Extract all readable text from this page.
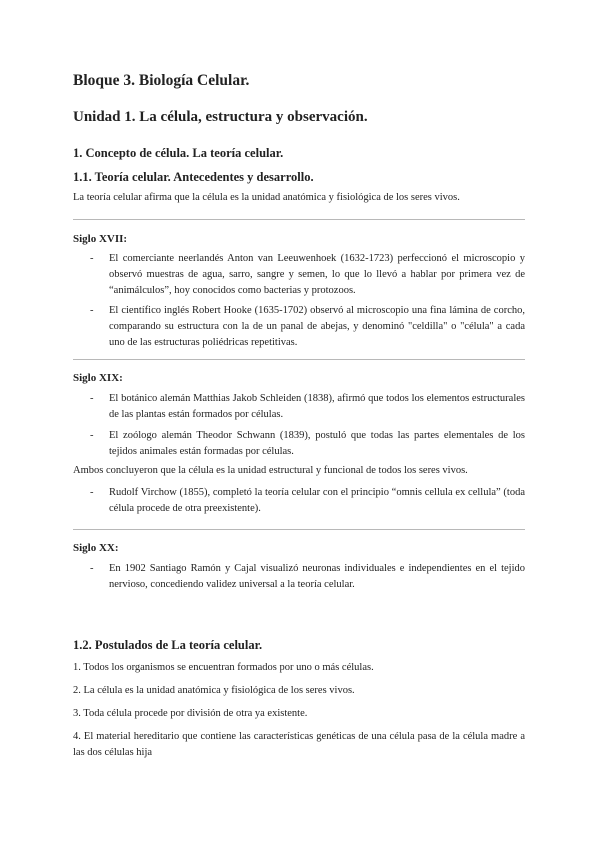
Bloque 3. Biología Celular.
Unidad 1. La célula, estructura y observación.
1. Concepto de célula. La teoría celular.
1.1. Teoría celular. Antecedentes y desarrollo.
La teoría celular afirma que la célula es la unidad anatómica y fisiológica de los seres vivos.
Siglo XVII:
- El comerciante neerlandés Anton van Leeuwenhoek (1632-1723) perfeccionó el microscopio y observó muestras de agua, sarro, sangre y semen, lo que lo llevó a hablar por primera vez de “animálculos”, hoy conocidos como bacterias y protozoos.
- El científico inglés Robert Hooke (1635-1702) observó al microscopio una fina lámina de corcho, comparando su estructura con la de un panal de abejas, y denominó "celdilla" o "célula" a cada uno de las estructuras poliédricas repetitivas.
Siglo XIX:
- El botánico alemán Matthias Jakob Schleiden (1838), afirmó que todos los elementos estructurales de las plantas están formados por células.
- El zoólogo alemán Theodor Schwann (1839), postuló que todas las partes elementales de los tejidos animales están formadas por células.
Ambos concluyeron que la célula es la unidad estructural y funcional de todos los seres vivos.
- Rudolf Virchow (1855), completó la teoría celular con el principio “omnis cellula ex cellula” (toda célula procede de otra preexistente).
Siglo XX:
- En 1902 Santiago Ramón y Cajal visualizó neuronas individuales e independientes en el tejido nervioso, concediendo validez universal a la teoría celular.
1.2. Postulados de La teoría celular.
1. Todos los organismos se encuentran formados por uno o más células.
2. La célula es la unidad anatómica y fisiológica de los seres vivos.
3. Toda célula procede por división de otra ya existente.
4. El material hereditario que contiene las características genéticas de una célula pasa de la célula madre a las dos células hija
